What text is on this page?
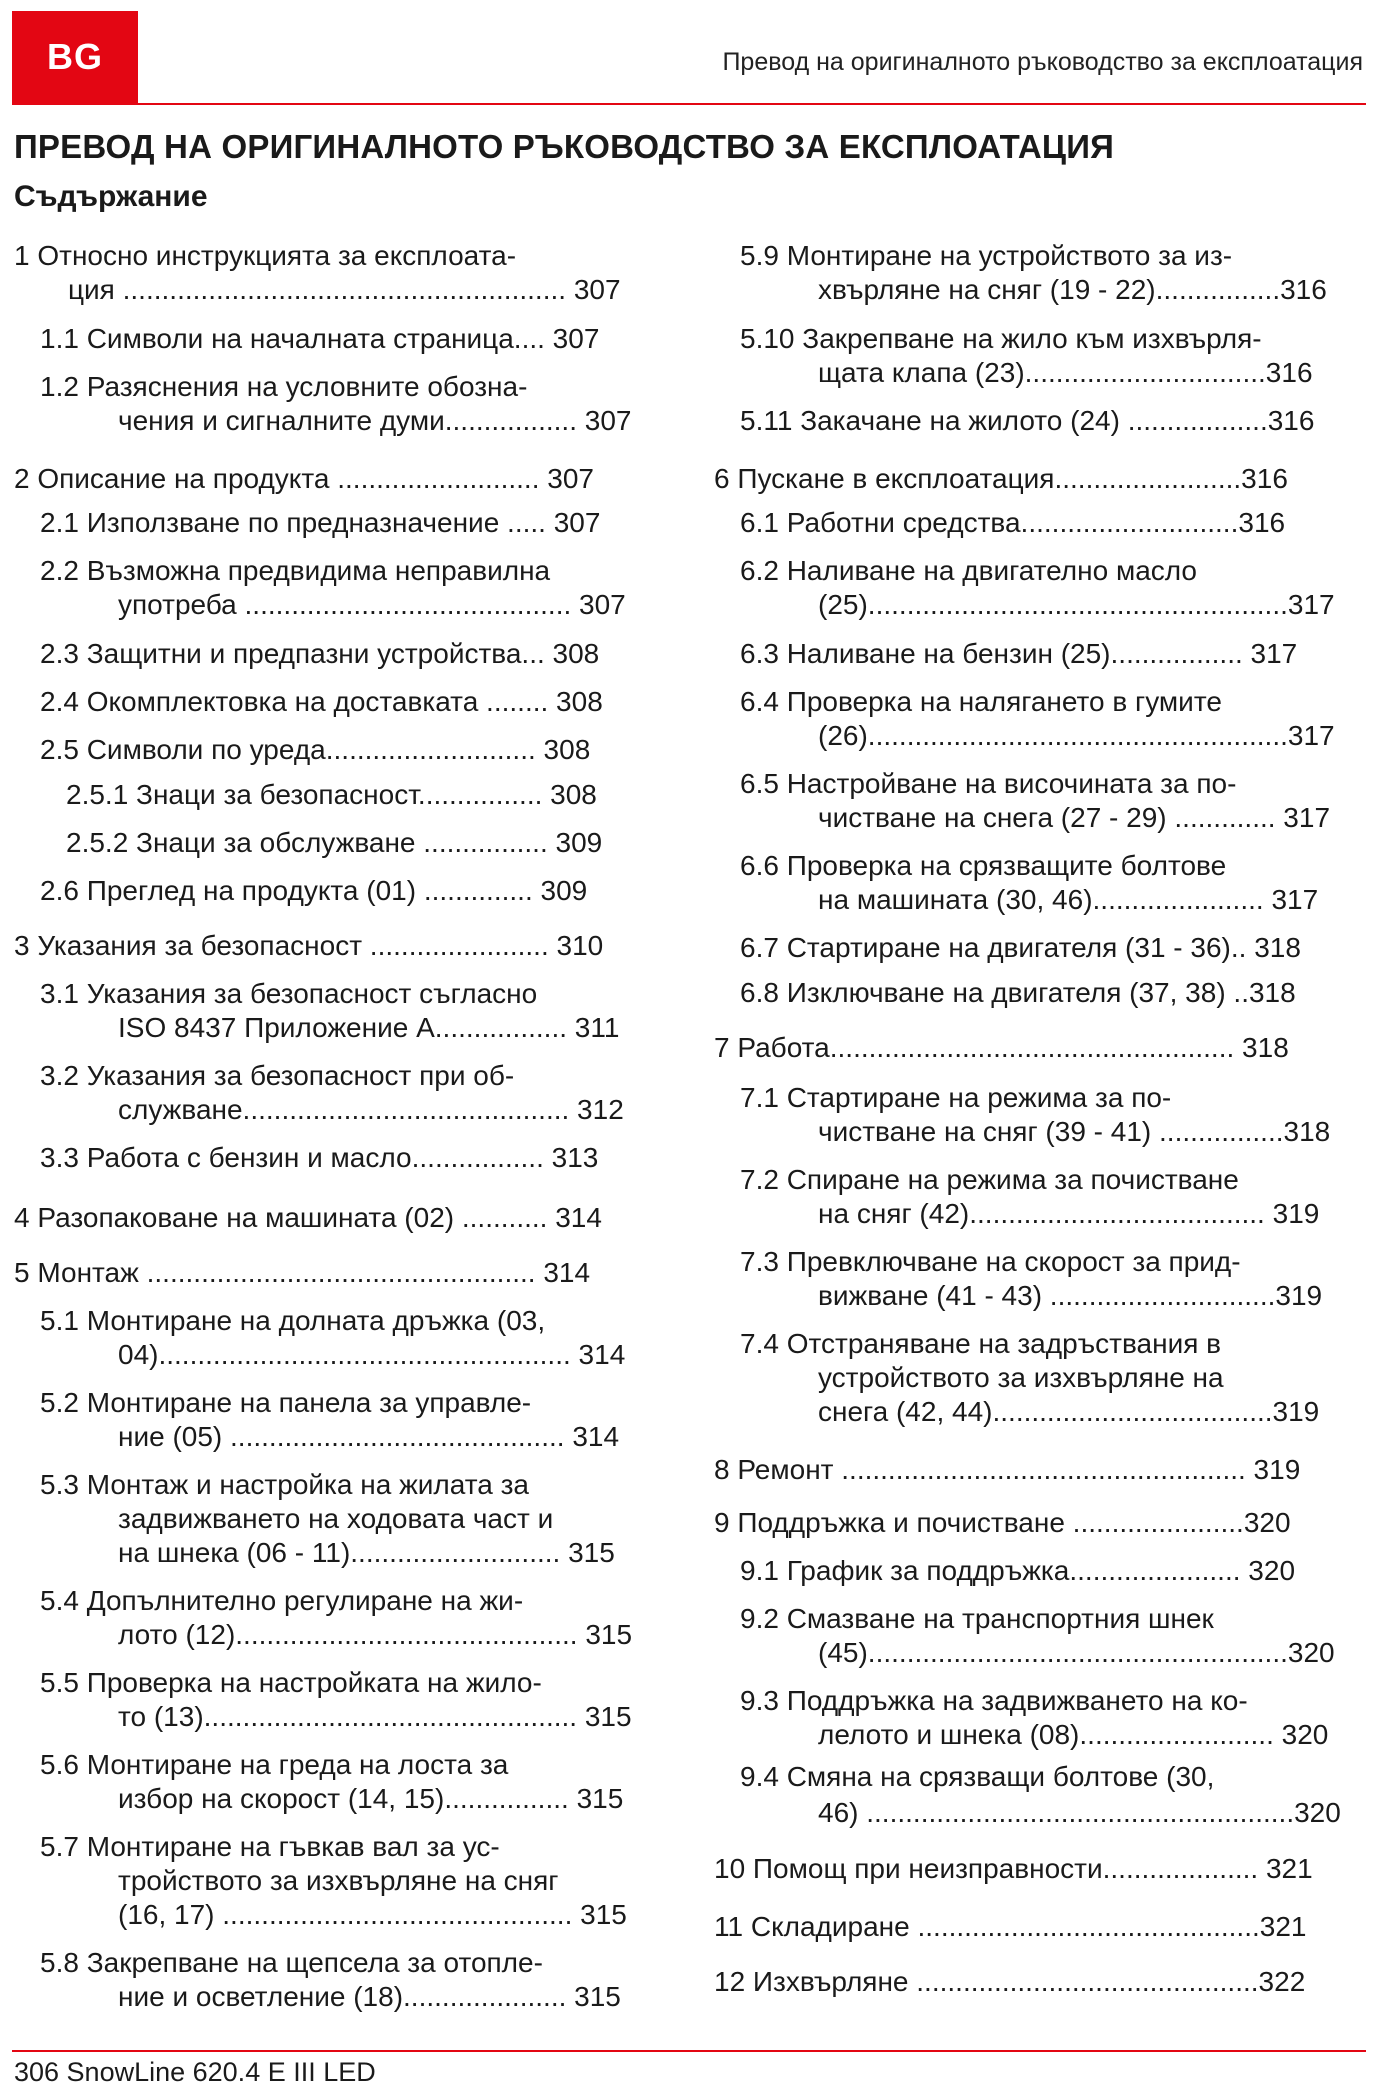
BG	Превод на оригиналното ръководство за експлоатация
ПРЕВОД НА ОРИГИНАЛНОТО РЪКОВОДСТВО ЗА ЕКСПЛОАТАЦИЯ
Съдържание
1 Относно инструкцията за експлоата-
ция ......................................................... 307
1.1 Символи на началната страница.... 307
1.2 Разяснения на условните обозна-
чения и сигналните думи................. 307
2 Описание на продукта .......................... 307
2.1 Използване по предназначение ..... 307
2.2 Възможна предвидима неправилна
употреба .......................................... 307
2.3 Защитни и предпазни устройства... 308
2.4 Окомплектовка на доставката ........ 308
2.5 Символи по уреда........................... 308
2.5.1 Знаци за безопасност................ 308
2.5.2 Знаци за обслужване ................ 309
2.6 Преглед на продукта (01) .............. 309
3 Указания за безопасност ....................... 310
3.1 Указания за безопасност съгласно
ISO 8437 Приложение А................. 311
3.2 Указания за безопасност при об-
служване.......................................... 312
3.3 Работа с бензин и масло................. 313
4 Разопаковане на машината (02) ........... 314
5 Монтаж .................................................. 314
5.1 Монтиране на долната дръжка (03,
04)..................................................... 314
5.2 Монтиране на панела за управле-
ние (05) ........................................... 314
5.3 Монтаж и настройка на жилата за
задвижването на ходовата част и
на шнека (06 - 11)........................... 315
5.4 Допълнително регулиране на жи-
лото (12)............................................ 315
5.5 Проверка на настройката на жило-
то (13)................................................ 315
5.6 Монтиране на греда на лоста за
избор на скорост (14, 15)................ 315
5.7 Монтиране на гъвкав вал за ус-
тройството за изхвърляне на сняг
(16, 17) ............................................. 315
5.8 Закрепване на щепсела за отопле-
ние и осветление (18)..................... 315
5.9 Монтиране на устройството за из-
хвърляне на сняг (19 - 22)................316
5.10 Закрепване на жило към изхвърля-
щата клапа (23)...............................316
5.11 Закачане на жилото (24) ..................316
6 Пускане в експлоатация........................316
6.1 Работни средства............................316
6.2 Наливане на двигателно масло
(25)......................................................317
6.3 Наливане на бензин (25)................. 317
6.4 Проверка на налягането в гумите
(26)......................................................317
6.5 Настройване на височината за по-
чистване на снега (27 - 29) ............. 317
6.6 Проверка на срязващите болтове
на машината (30, 46)...................... 317
6.7 Стартиране на двигателя (31 - 36).. 318
6.8 Изключване на двигателя (37, 38) ..318
7 Работа.................................................... 318
7.1 Стартиране на режима за по-
чистване на сняг (39 - 41) ................318
7.2 Спиране на режима за почистване
на сняг (42)...................................... 319
7.3 Превключване на скорост за прид-
вижване (41 - 43) .............................319
7.4 Отстраняване на задръствания в
устройството за изхвърляне на
снега (42, 44)....................................319
8 Ремонт .................................................... 319
9 Поддръжка и почистване ......................320
9.1 График за поддръжка...................... 320
9.2 Смазване на транспортния шнек
(45)......................................................320
9.3 Поддръжка на задвижването на ко-
лелото и шнека (08)......................... 320
9.4 Смяна на срязващи болтове (30,
46) .......................................................320
10 Помощ при неизправности.................... 321
11 Складиране ............................................321
12 Изхвърляне ............................................322
306 SnowLine 620.4 E III LED
